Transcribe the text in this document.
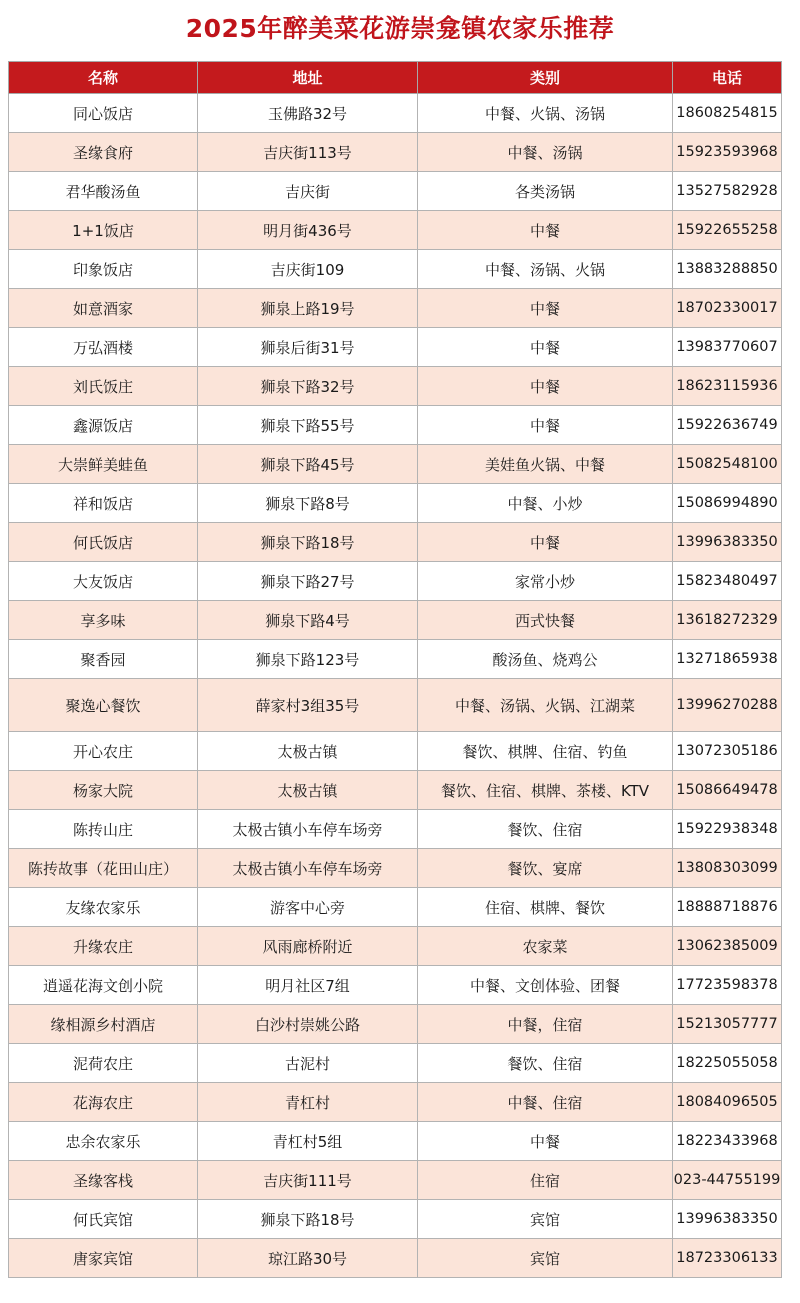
2025年醉美菜花游崇龛镇农家乐推荐
名称	地址	类别	电话
同心饭店	玉佛路32号	中餐、火锅、汤锅	18608254815
圣缘食府	吉庆街113号	中餐、汤锅	15923593968
君华酸汤鱼	吉庆街	各类汤锅	13527582928
1+1饭店	明月街436号	中餐	15922655258
印象饭店	吉庆街109	中餐、汤锅、火锅	13883288850
如意酒家	狮泉上路19号	中餐	18702330017
万弘酒楼	狮泉后街31号	中餐	13983770607
刘氏饭庄	狮泉下路32号	中餐	18623115936
鑫源饭店	狮泉下路55号	中餐	15922636749
大崇鲜美蛙鱼	狮泉下路45号	美娃鱼火锅、中餐	15082548100
祥和饭店	狮泉下路8号	中餐、小炒	15086994890
何氏饭店	狮泉下路18号	中餐	13996383350
大友饭店	狮泉下路27号	家常小炒	15823480497
享多味	狮泉下路4号	西式快餐	13618272329
聚香园	狮泉下路123号	酸汤鱼、烧鸡公	13271865938
聚逸心餐饮	薛家村3组35号	中餐、汤锅、火锅、江湖菜	13996270288
开心农庄	太极古镇	餐饮、棋牌、住宿、钓鱼	13072305186
杨家大院	太极古镇	餐饮、住宿、棋牌、茶楼、KTV	15086649478
陈抟山庄	太极古镇小车停车场旁	餐饮、住宿	15922938348
陈抟故事（花田山庄）	太极古镇小车停车场旁	餐饮、宴席	13808303099
友缘农家乐	游客中心旁	住宿、棋牌、餐饮	18888718876
升缘农庄	风雨廊桥附近	农家菜	13062385009
逍遥花海文创小院	明月社区7组	中餐、文创体验、团餐	17723598378
缘相源乡村酒店	白沙村崇姚公路	中餐，住宿	15213057777
泥荷农庄	古泥村	餐饮、住宿	18225055058
花海农庄	青杠村	中餐、住宿	18084096505
忠余农家乐	青杠村5组	中餐	18223433968
圣缘客栈	吉庆街111号	住宿	023-44755199
何氏宾馆	狮泉下路18号	宾馆	13996383350
唐家宾馆	琼江路30号	宾馆	18723306133
